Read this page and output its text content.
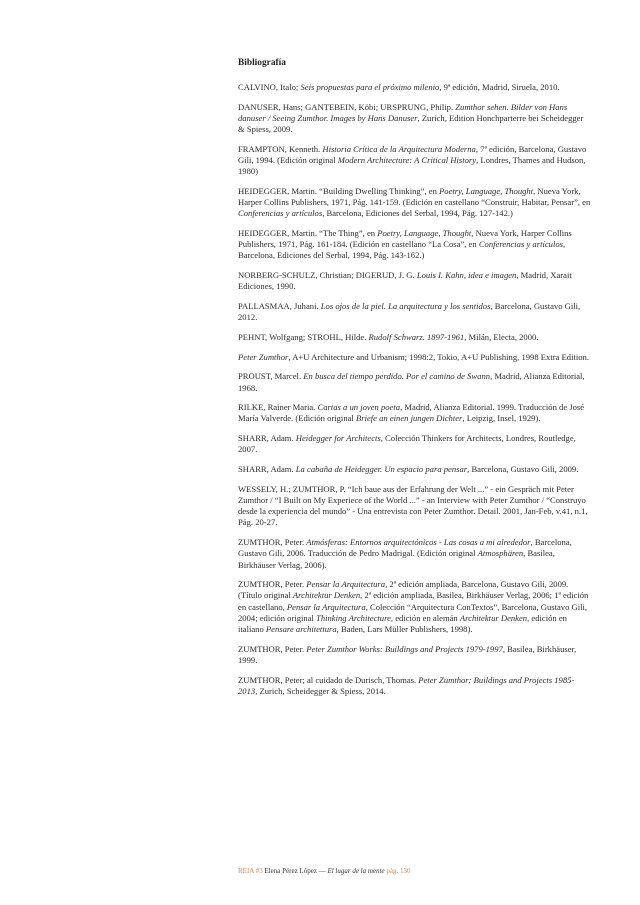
Bibliografía
CALVINO, Italo; Seis propuestas para el próximo milenio, 9ª edición, Madrid, Siruela, 2010.
DANUSER, Hans; GANTEBEIN, Köbi; URSPRUNG, Philip. Zumthor sehen. Bilder von Hans danuser / Seeing Zumthor. Images by Hans Danuser, Zurich, Edition Honchparterre bei Scheidegger & Spiess, 2009.
FRAMPTON, Kenneth. Historia Crítica de la Arquitectura Moderna, 7ª edición, Barcelona, Gustavo Gili, 1994. (Edición original Modern Architecture: A Critical History, Londres, Thames and Hudson, 1980)
HEIDEGGER, Martin. “Building Dwelling Thinking”, en Poetry, Language, Thought, Nueva York, Harper Collins Publishers, 1971, Pág. 141-159. (Edición en castellano “Construir, Habitar, Pensar”, en Conferencias y artículos, Barcelona, Ediciones del Serbal, 1994, Pág. 127-142.)
HEIDEGGER, Martin. “The Thing”, en Poetry, Language, Thought, Nueva York, Harper Collins Publishers, 1971, Pág. 161-184. (Edición en castellano “La Cosa”, en Conferencias y artículos, Barcelona, Ediciones del Serbal, 1994, Pág. 143-162.)
NORBERG-SCHULZ, Christian; DIGERUD, J. G. Louis I. Kahn, idea e imagen, Madrid, Xarait Ediciones, 1990.
PALLASMAA, Juhani. Los ojos de la piel. La arquitectura y los sentidos, Barcelona, Gustavo Gili, 2012.
PEHNT, Wolfgang; STROHL, Hilde. Rudolf Schwarz. 1897-1961, Milán, Electa, 2000.
Peter Zumthor, A+U Architecture and Urbanism; 1998:2, Tokio, A+U Publishing, 1998 Extra Edition.
PROUST, Marcel. En busca del tiempo perdido. Por el camino de Swann, Madrid, Alianza Editorial, 1968.
RILKE, Rainer Maria. Cartas a un joven poeta, Madrid, Alianza Editorial. 1999. Traducción de José María Valverde. (Edición original Briefe an einen jungen Dichter, Leipzig, Insel, 1929).
SHARR, Adam. Heidegger for Architects, Colección Thinkers for Architects, Londres, Routledge, 2007.
SHARR, Adam. La cabaña de Heidegger. Un espacio para pensar, Barcelona, Gustavo Gili, 2009.
WESSELY, H.; ZUMTHOR, P. “Ich baue aus der Erfahrung der Welt ...” - ein Gespräch mit Peter Zumthor / “I Built on My Experiece of the World ...” - an Interview with Peter Zumthor / “Construyo desde la experiencia del mundo” - Una entrevista con Peter Zumthor. Detail. 2001, Jan-Feb, v.41, n.1, Pág. 20-27.
ZUMTHOR, Peter. Atmósferas: Entornos arquitectónicos - Las cosas a mi alrededor, Barcelona, Gustavo Gili, 2006. Traducción de Pedro Madrigal. (Edición original Atmosphären, Basilea, Birkhäuser Verlag, 2006).
ZUMTHOR, Peter. Pensar la Arquitectura, 2ª edición ampliada, Barcelona, Gustavo Gili, 2009. (Título original Architektur Denken, 2ª edición ampliada, Basilea, Birkhäuser Verlag, 2006; 1ª edición en castellano, Pensar la Arquitectura, Colección “Arquitectura ConTextos”, Barcelona, Gustavo Gili, 2004; edición original Thinking Architecture, edición en alemán Architektur Denken, edición en italiano Pensare architettura, Baden, Lars Müller Publishers, 1998).
ZUMTHOR, Peter. Peter Zumthor Works: Buildings and Projects 1979-1997, Basilea, Birkhäuser, 1999.
ZUMTHOR, Peter; al cuidado de Durisch, Thomas. Peter Zumthor: Buildings and Projects 1985-2013, Zurich, Scheidegger & Spiess, 2014.
REIA #3 Elena Pérez López — El lugar de la mente pág. 130
